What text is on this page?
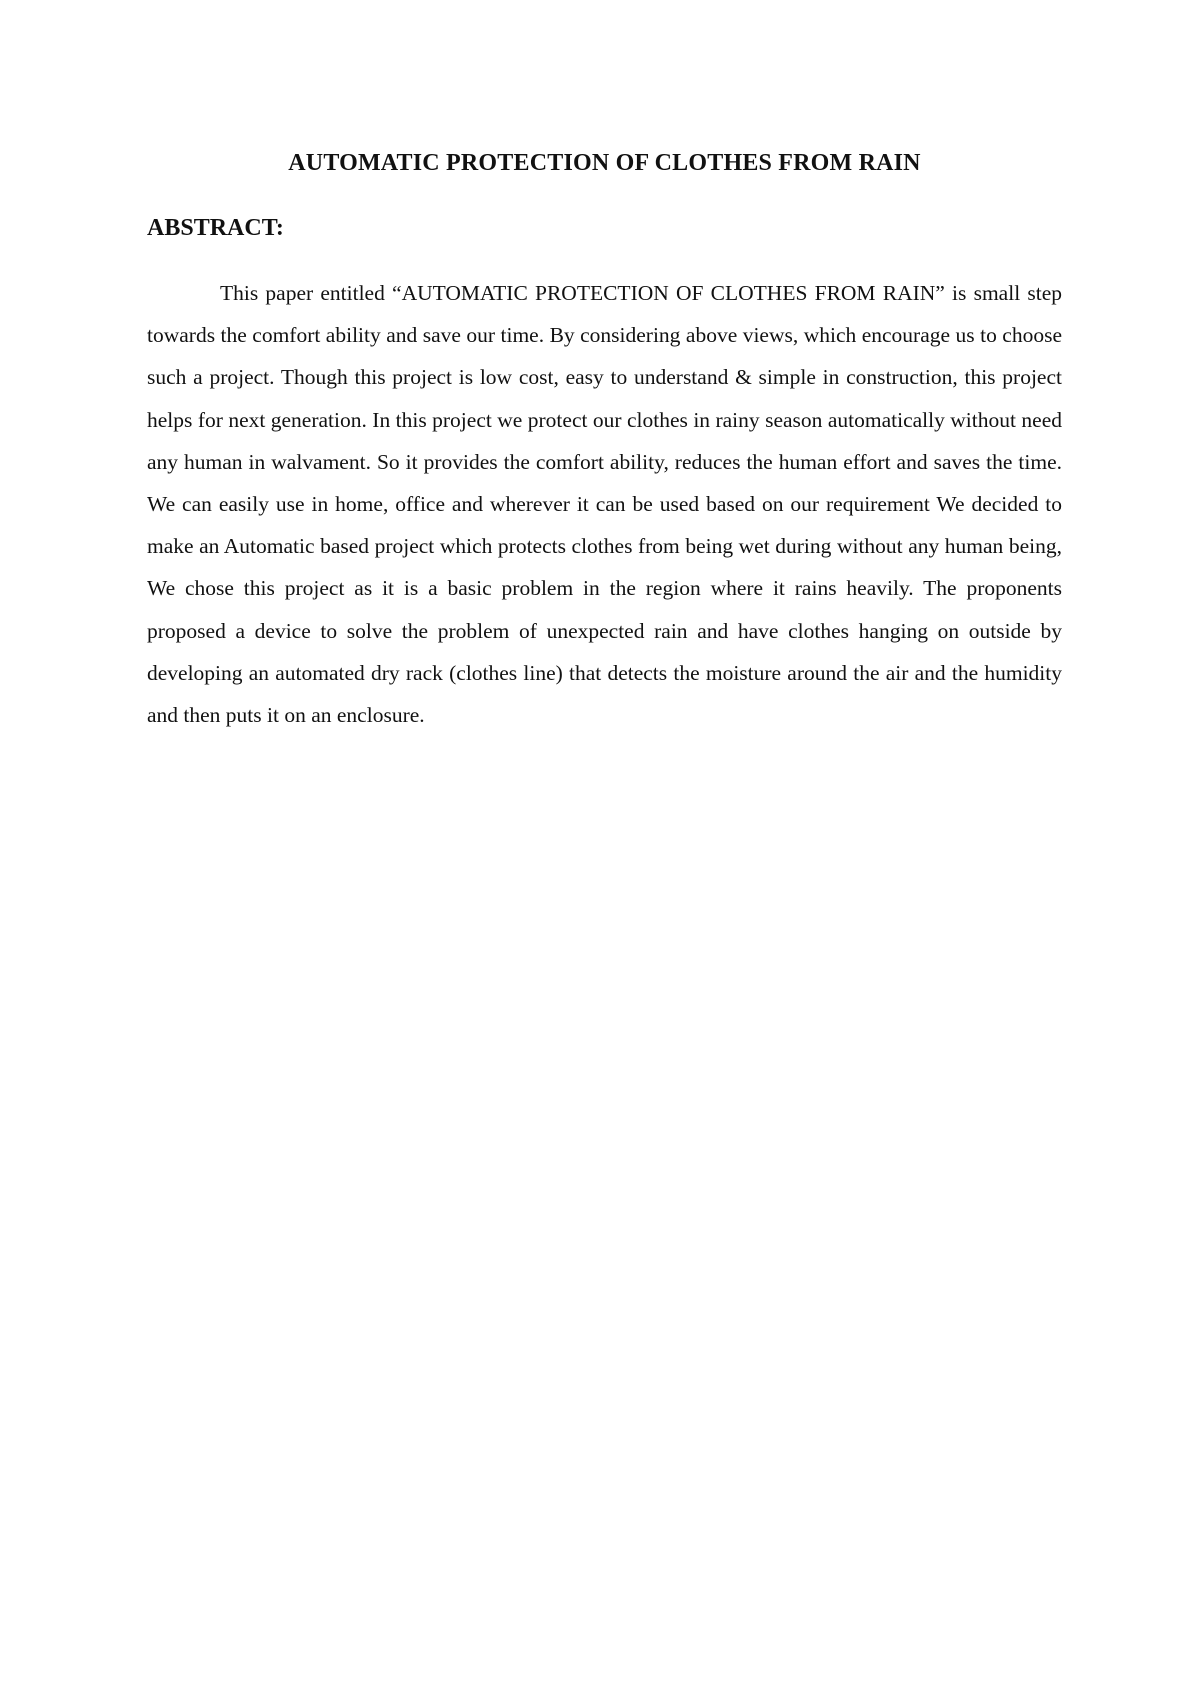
AUTOMATIC PROTECTION OF CLOTHES FROM RAIN
ABSTRACT:

This paper entitled “AUTOMATIC PROTECTION OF CLOTHES FROM RAIN” is small step towards the comfort ability and save our time. By considering above views, which encourage us to choose such a project. Though this project is low cost, easy to understand & simple in construction, this project helps for next generation. In this project we protect our clothes in rainy season automatically without need any human in walvament. So it provides the comfort ability, reduces the human effort and saves the time. We can easily use in home, office and wherever it can be used based on our requirement We decided to make an Automatic based project which protects clothes from being wet during without any human being, We chose this project as it is a basic problem in the region where it rains heavily. The proponents proposed a device to solve the problem of unexpected rain and have clothes hanging on outside by developing an automated dry rack (clothes line) that detects the moisture around the air and the humidity and then puts it on an enclosure.
